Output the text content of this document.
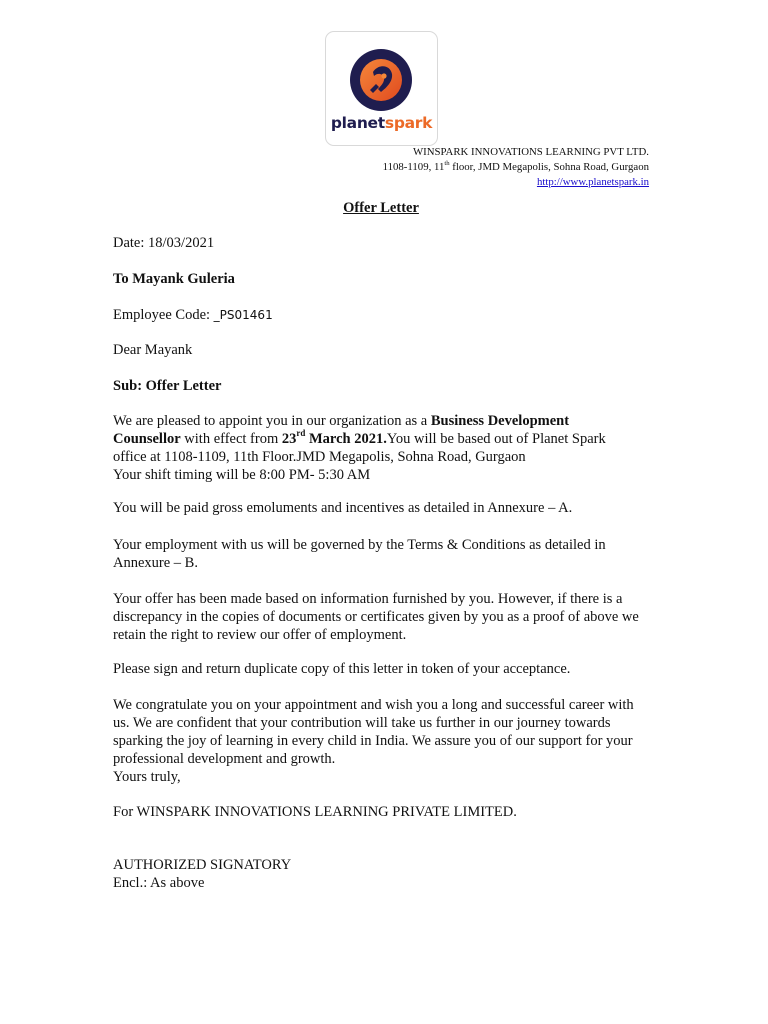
planetspark
WINSPARK INNOVATIONS LEARNING PVT LTD.
1108-1109, 11th floor, JMD Megapolis, Sohna Road, Gurgaon
http://www.planetspark.in
Offer Letter
Date: 18/03/2021
To Mayank Guleria
Employee Code: _PS01461
Dear Mayank
Sub: Offer Letter
We are pleased to appoint you in our organization as a Business Development Counsellor with effect from 23rd March 2021.You will be based out of Planet Spark office at 1108-1109, 11th Floor.JMD Megapolis, Sohna Road, Gurgaon
Your shift timing will be 8:00 PM- 5:30 AM
You will be paid gross emoluments and incentives as detailed in Annexure – A.
Your employment with us will be governed by the Terms & Conditions as detailed in Annexure – B.
Your offer has been made based on information furnished by you. However, if there is a discrepancy in the copies of documents or certificates given by you as a proof of above we retain the right to review our offer of employment.
Please sign and return duplicate copy of this letter in token of your acceptance.
We congratulate you on your appointment and wish you a long and successful career with us. We are confident that your contribution will take us further in our journey towards sparking the joy of learning in every child in India. We assure you of our support for your professional development and growth.
Yours truly,
For WINSPARK INNOVATIONS LEARNING PRIVATE LIMITED.
AUTHORIZED SIGNATORY
Encl.: As above
